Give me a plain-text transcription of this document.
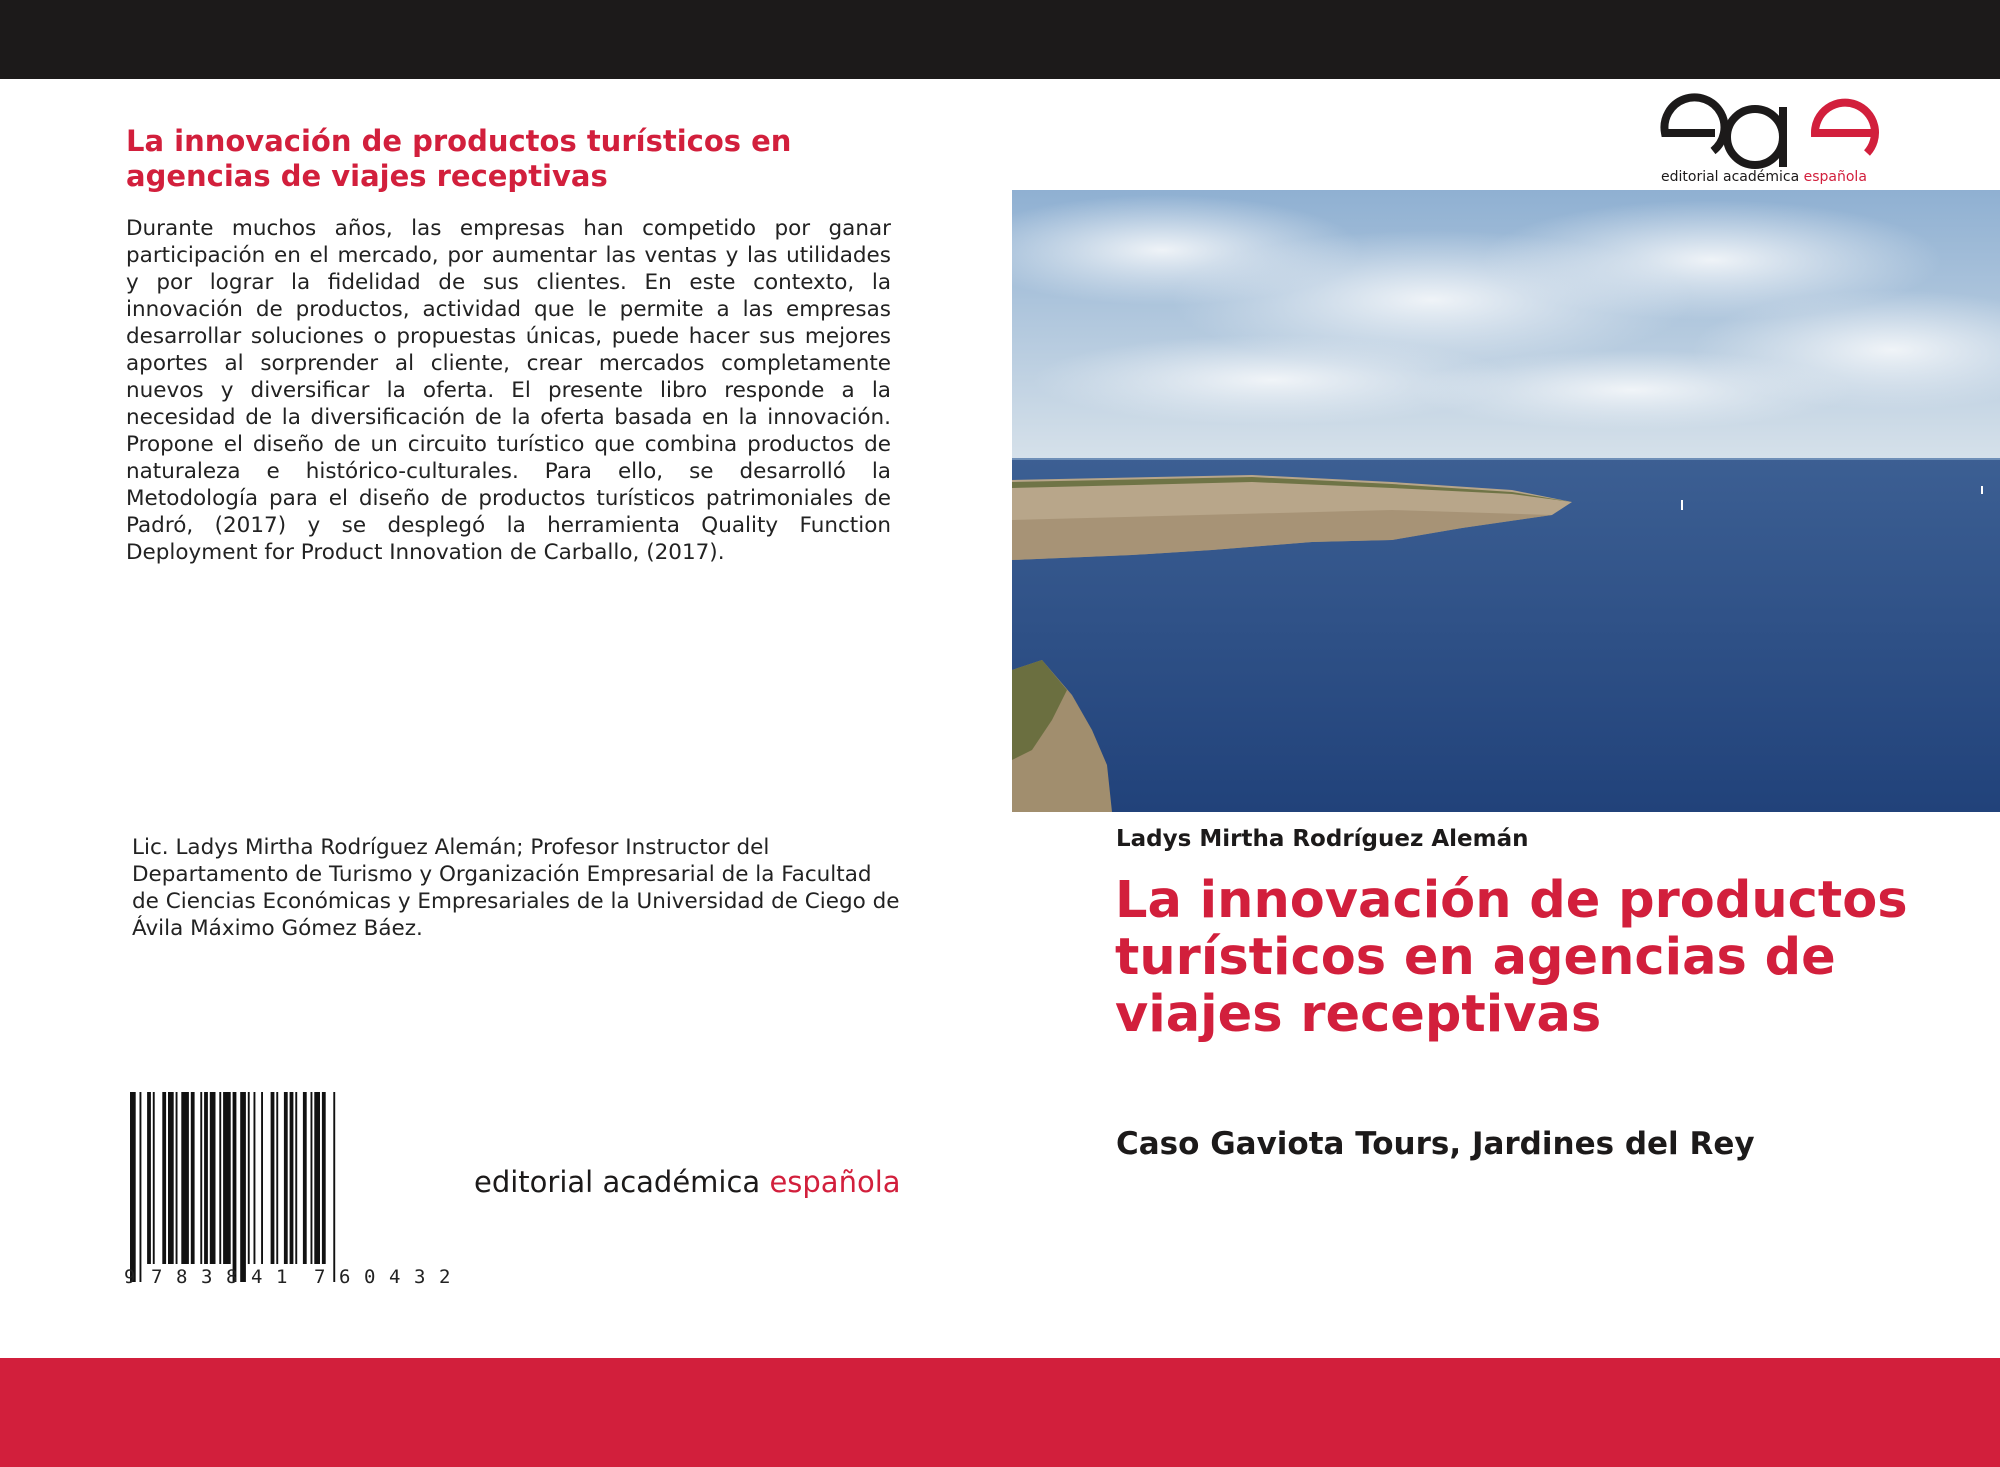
La innovación de productos turísticos en agencias de viajes receptivas

Durante muchos años, las empresas han competido por ganar participación en el mercado, por aumentar las ventas y las utilidades y por lograr la fidelidad de sus clientes. En este contexto, la innovación de productos, actividad que le permite a las empresas desarrollar soluciones o propuestas únicas, puede hacer sus mejores aportes al sorprender al cliente, crear mercados completamente nuevos y diversificar la oferta. El presente libro responde a la necesidad de la diversificación de la oferta basada en la innovación. Propone el diseño de un circuito turístico que combina productos de naturaleza e histórico-culturales. Para ello, se desarrolló la Metodología para el diseño de productos turísticos patrimoniales de Padró, (2017) y se desplegó la herramienta Quality Function Deployment for Product Innovation de Carballo, (2017).

Lic. Ladys Mirtha Rodríguez Alemán; Profesor Instructor del Departamento de Turismo y Organización Empresarial de la Facultad de Ciencias Económicas y Empresariales de la Universidad de Ciego de Ávila Máximo Gómez Báez.

9 7 8 3 8 4 1 7 6 0 4 3 2
editorial académica española
editorial académica española
Ladys Mirtha Rodríguez Alemán
La innovación de productos turísticos en agencias de viajes receptivas
Caso Gaviota Tours, Jardines del Rey
